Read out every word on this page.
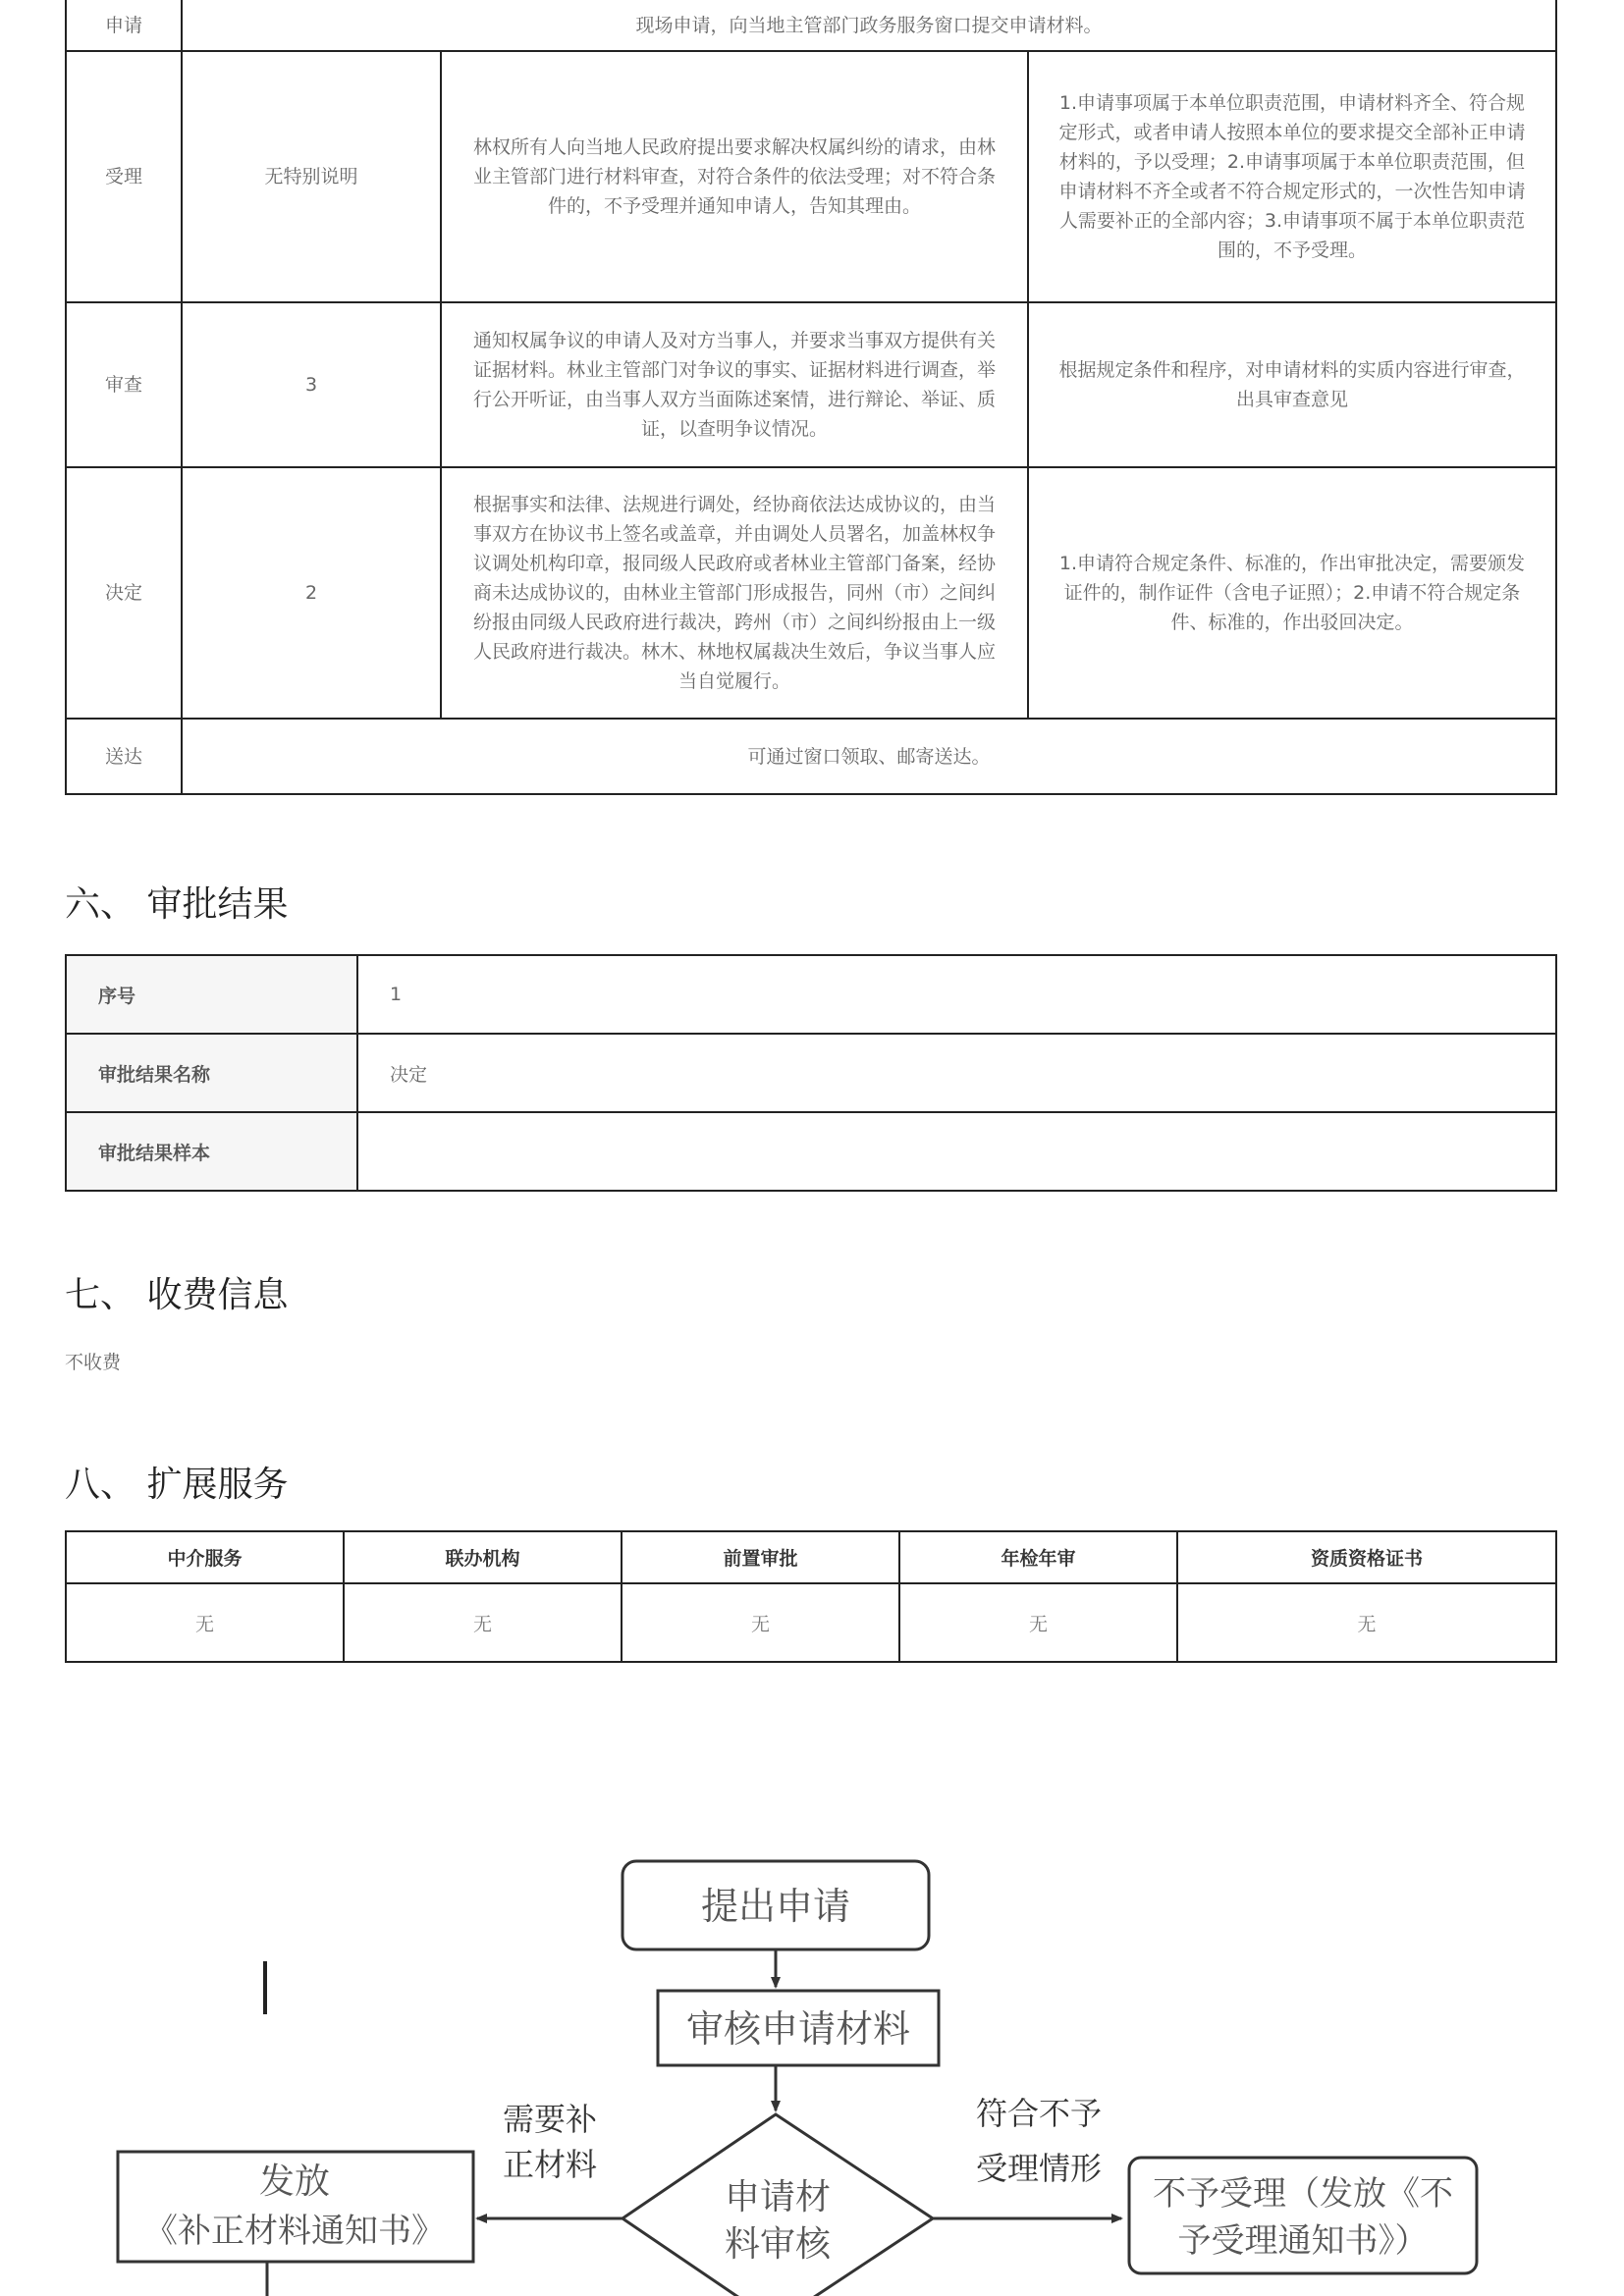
申请	现场申请，向当地主管部门政务服务窗口提交申请材料。		
受理	无特别说明	林权所有人向当地人民政府提出要求解决权属纠纷的请求，由林业主管部门进行材料审查，对符合条件的依法受理；对不符合条件的，不予受理并通知申请人，告知其理由。	1.申请事项属于本单位职责范围，申请材料齐全、符合规定形式，或者申请人按照本单位的要求提交全部补正申请材料的，予以受理；2.申请事项属于本单位职责范围，但申请材料不齐全或者不符合规定形式的，一次性告知申请人需要补正的全部内容；3.申请事项不属于本单位职责范围的，不予受理。
审查	3	通知权属争议的申请人及对方当事人，并要求当事双方提供有关证据材料。林业主管部门对争议的事实、证据材料进行调查，举行公开听证，由当事人双方当面陈述案情，进行辩论、举证、质证，以查明争议情况。	根据规定条件和程序，对申请材料的实质内容进行审查，出具审查意见
决定	2	根据事实和法律、法规进行调处，经协商依法达成协议的，由当事双方在协议书上签名或盖章，并由调处人员署名，加盖林权争议调处机构印章，报同级人民政府或者林业主管部门备案，经协商未达成协议的，由林业主管部门形成报告，同州（市）之间纠纷报由同级人民政府进行裁决，跨州（市）之间纠纷报由上一级人民政府进行裁决。林木、林地权属裁决生效后，争议当事人应当自觉履行。	1.申请符合规定条件、标准的，作出审批决定，需要颁发证件的，制作证件（含电子证照）；2.申请不符合规定条件、标准的，作出驳回决定。
送达	可通过窗口领取、邮寄送达。		
六、 审批结果
序号	1
审批结果名称	决定
审批结果样本	
七、 收费信息
不收费
八、 扩展服务
中介服务	联办机构	前置审批	年检年审	资质资格证书
无	无	无	无	无
提出申请
审核申请材料
申请材
料审核
需要补
正材料
发放
《补正材料通知书》
符合不予
受理情形
不予受理（发放《不
予受理通知书》）
